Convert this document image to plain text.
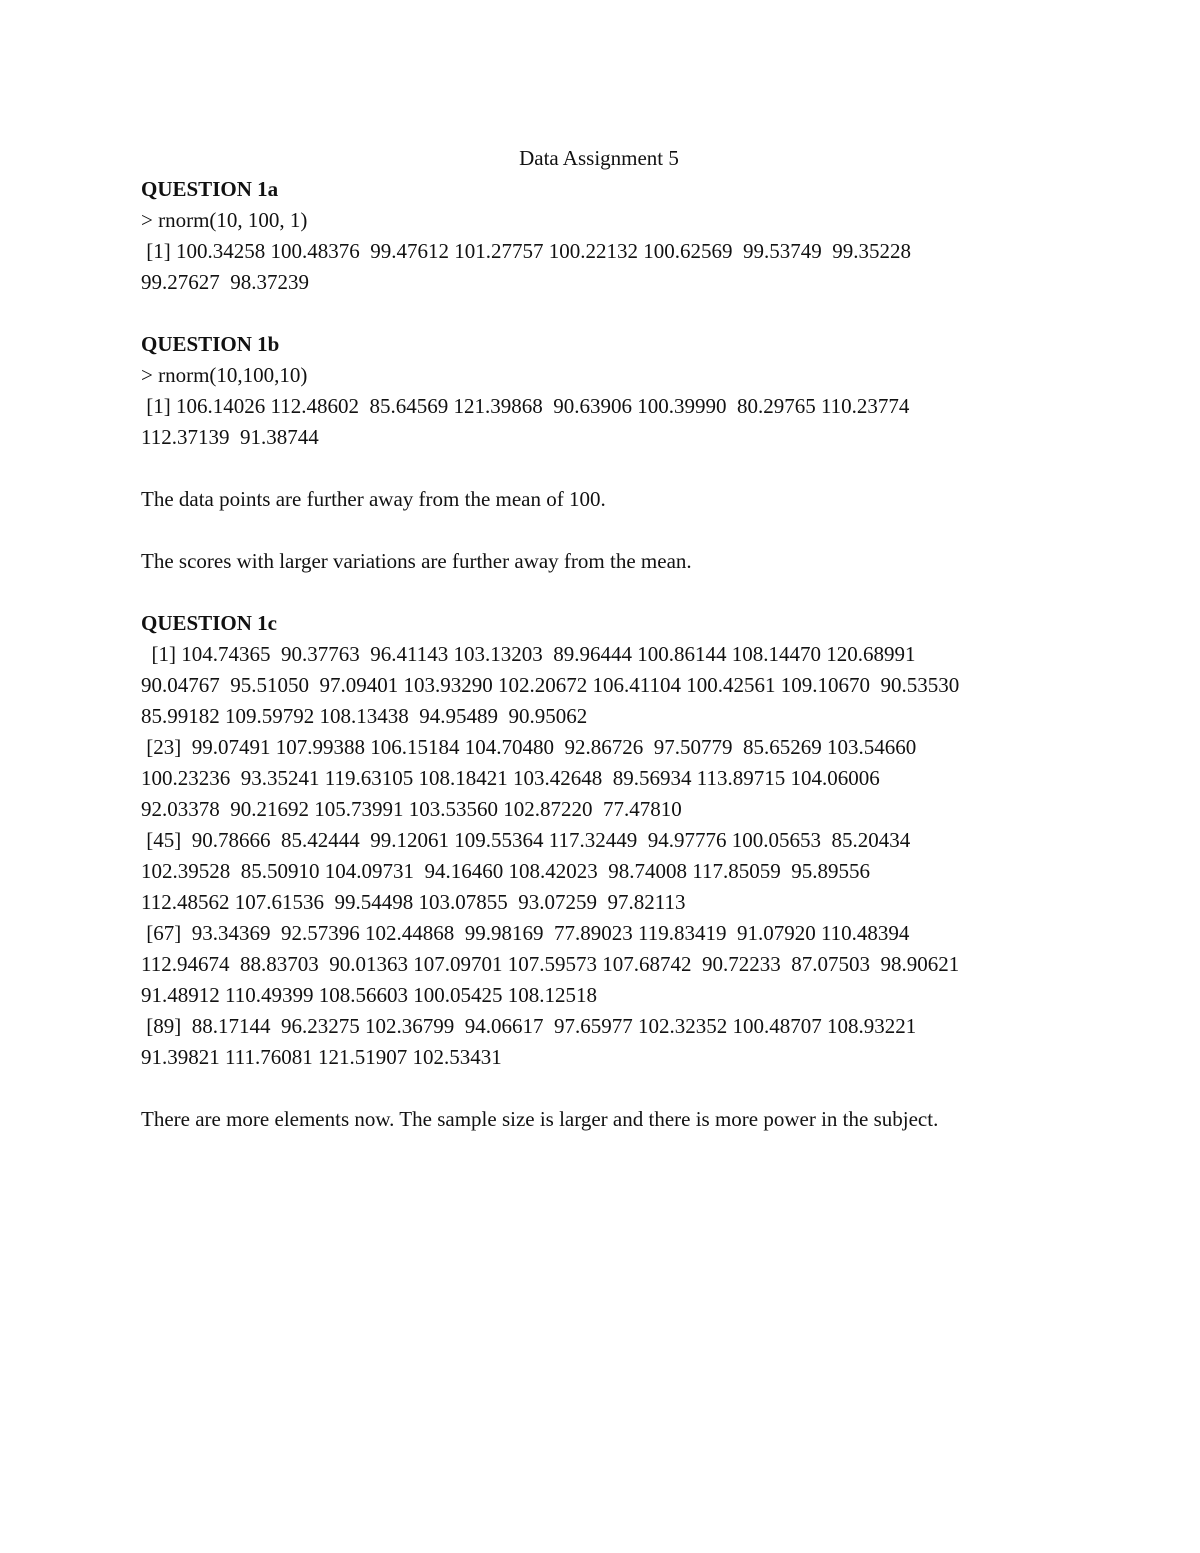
Data Assignment 5
QUESTION 1a
> rnorm(10, 100, 1)
[1] 100.34258 100.48376  99.47612 101.27757 100.22132 100.62569  99.53749  99.35228
99.27627  98.37239
QUESTION 1b
> rnorm(10,100,10)
[1] 106.14026 112.48602  85.64569 121.39868  90.63906 100.39990  80.29765 110.23774
112.37139  91.38744
The data points are further away from the mean of 100.
The scores with larger variations are further away from the mean.
QUESTION 1c
[1] 104.74365  90.37763  96.41143 103.13203  89.96444 100.86144 108.14470 120.68991
90.04767  95.51050  97.09401 103.93290 102.20672 106.41104 100.42561 109.10670  90.53530
85.99182 109.59792 108.13438  94.95489  90.95062
[23]  99.07491 107.99388 106.15184 104.70480  92.86726  97.50779  85.65269 103.54660
100.23236  93.35241 119.63105 108.18421 103.42648  89.56934 113.89715 104.06006
92.03378  90.21692 105.73991 103.53560 102.87220  77.47810
[45]  90.78666  85.42444  99.12061 109.55364 117.32449  94.97776 100.05653  85.20434
102.39528  85.50910 104.09731  94.16460 108.42023  98.74008 117.85059  95.89556
112.48562 107.61536  99.54498 103.07855  93.07259  97.82113
[67]  93.34369  92.57396 102.44868  99.98169  77.89023 119.83419  91.07920 110.48394
112.94674  88.83703  90.01363 107.09701 107.59573 107.68742  90.72233  87.07503  98.90621
91.48912 110.49399 108.56603 100.05425 108.12518
[89]  88.17144  96.23275 102.36799  94.06617  97.65977 102.32352 100.48707 108.93221
91.39821 111.76081 121.51907 102.53431
There are more elements now. The sample size is larger and there is more power in the subject.
